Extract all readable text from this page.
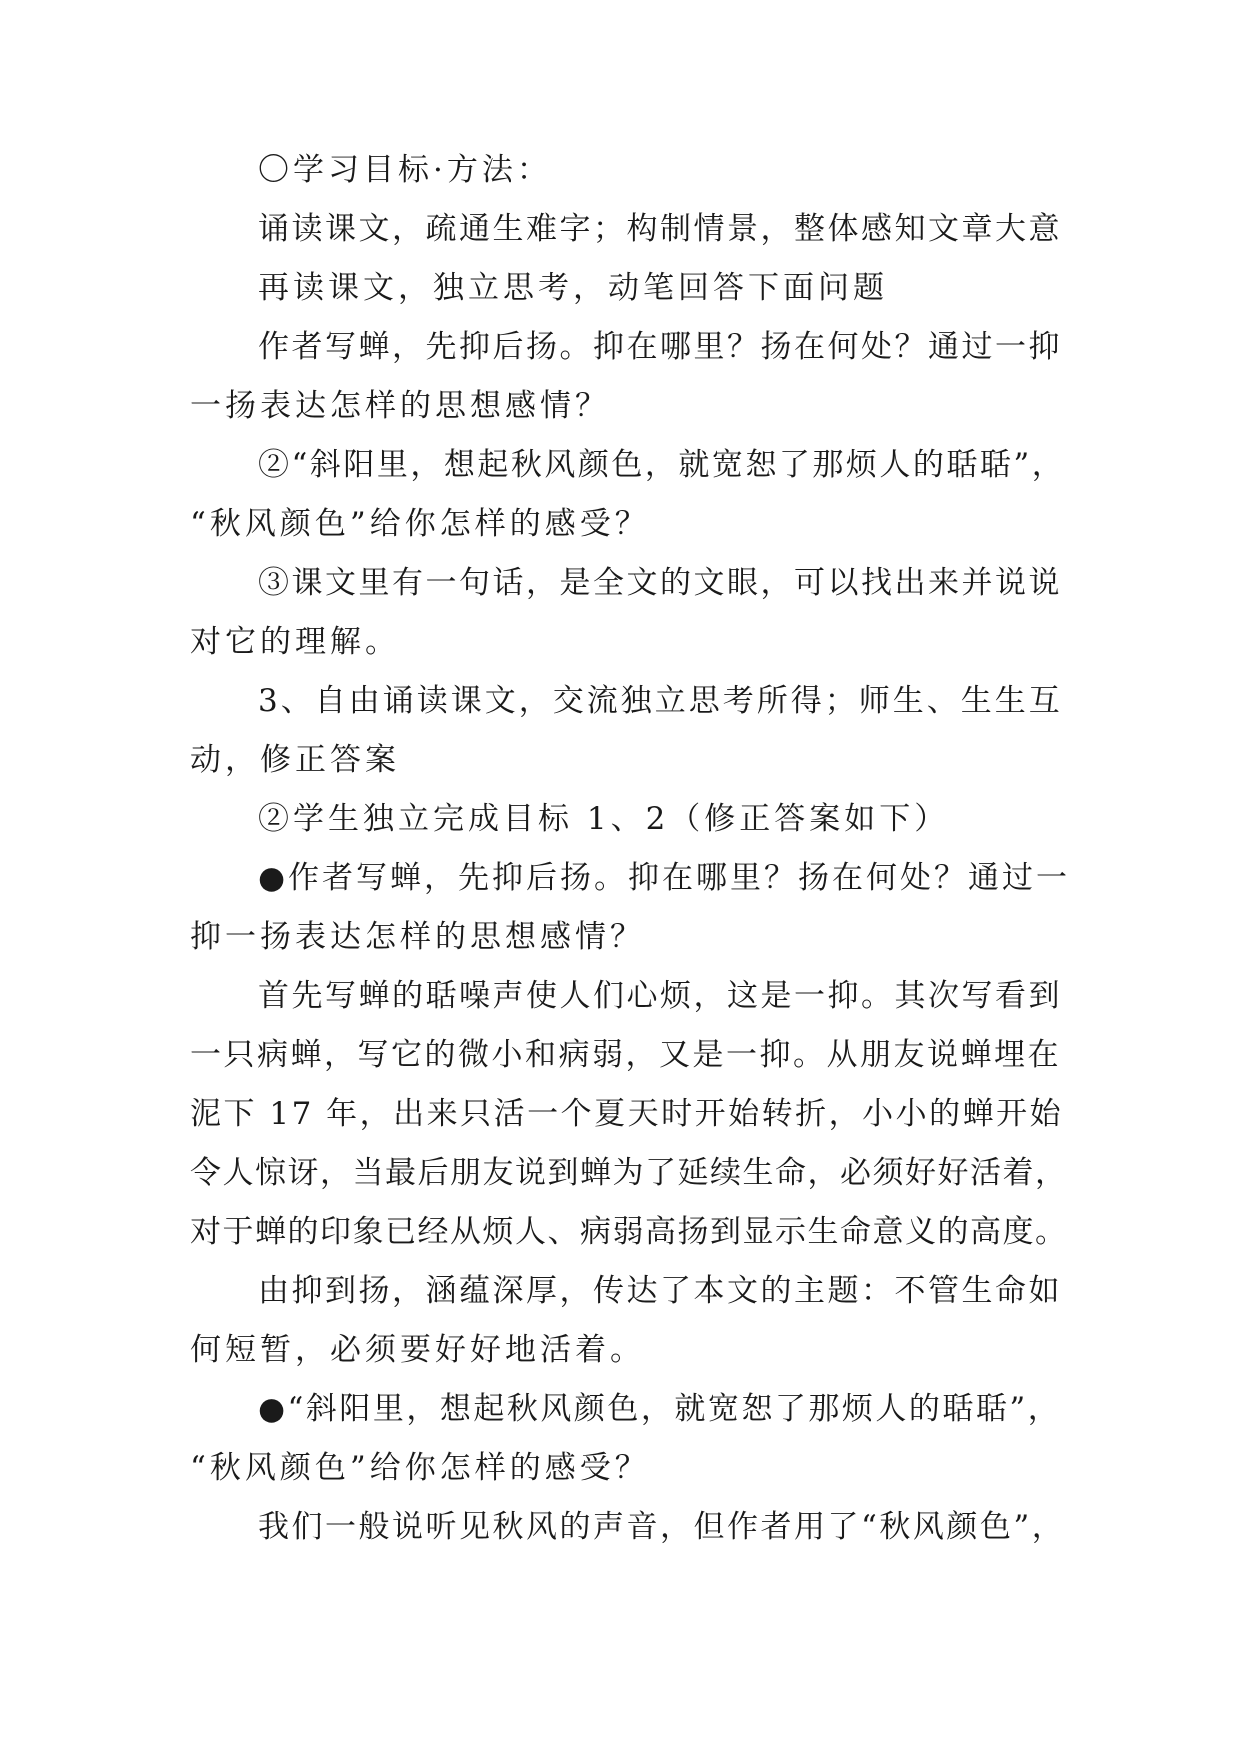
〇学习目标·方法：
诵读课文，疏通生难字；构制情景，整体感知文章大意
再读课文，独立思考，动笔回答下面问题
作者写蝉，先抑后扬。抑在哪里？扬在何处？通过一抑
一扬表达怎样的思想感情？
②“斜阳里，想起秋风颜色，就宽恕了那烦人的聒聒”，
“秋风颜色”给你怎样的感受？
③课文里有一句话，是全文的文眼，可以找出来并说说
对它的理解。
3、自由诵读课文，交流独立思考所得；师生、生生互
动，修正答案
②学生独立完成目标 1、2（修正答案如下）
●作者写蝉，先抑后扬。抑在哪里？扬在何处？通过一
抑一扬表达怎样的思想感情？
首先写蝉的聒噪声使人们心烦，这是一抑。其次写看到
一只病蝉，写它的微小和病弱，又是一抑。从朋友说蝉埋在
泥下 17 年，出来只活一个夏天时开始转折，小小的蝉开始
令人惊讶，当最后朋友说到蝉为了延续生命，必须好好活着，
对于蝉的印象已经从烦人、病弱高扬到显示生命意义的高度。
由抑到扬，涵蕴深厚，传达了本文的主题：不管生命如
何短暂，必须要好好地活着。
●“斜阳里，想起秋风颜色，就宽恕了那烦人的聒聒”，
“秋风颜色”给你怎样的感受？
我们一般说听见秋风的声音，但作者用了“秋风颜色”，
